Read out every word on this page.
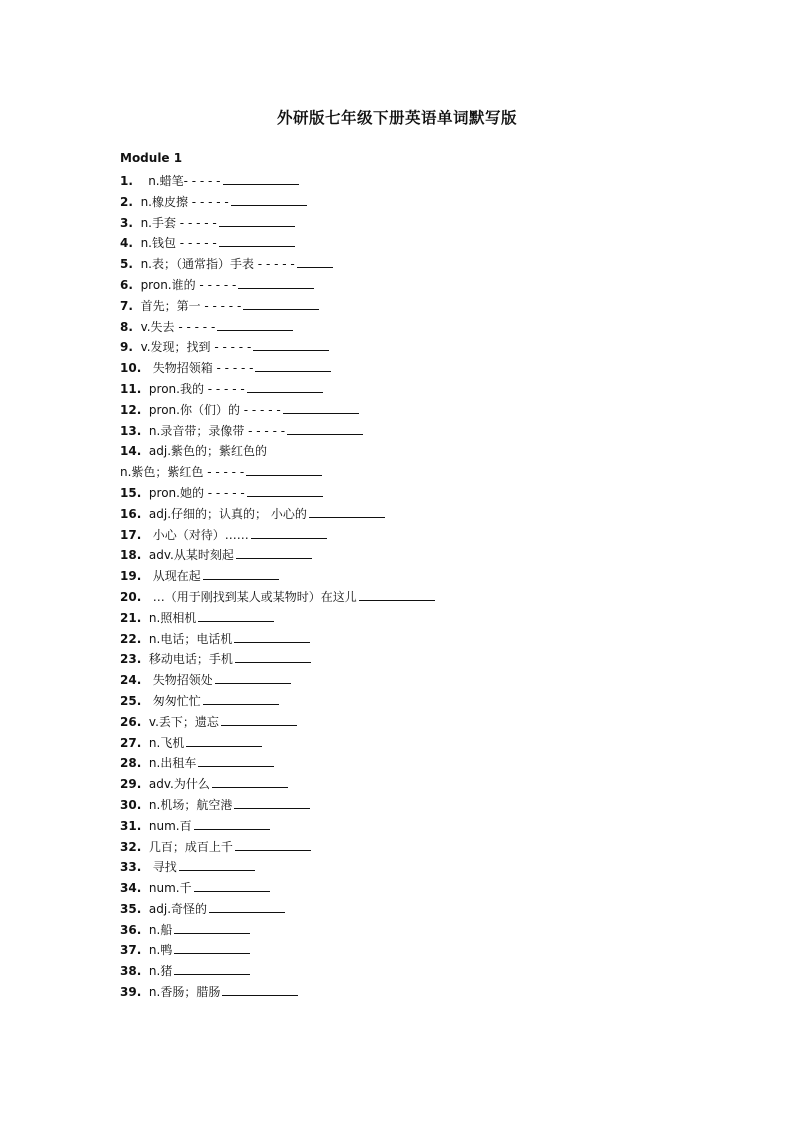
外研版七年级下册英语单词默写版
Module 1
1. n.蜡笔- - - - -
2. n.橡皮擦 - - - - -
3. n.手套 - - - - -
4. n.钱包 - - - - -
5. n.表；（通常指）手表 - - - - -
6. pron.谁的 - - - - -
7. 首先；第一 - - - - -
8. v.失去 - - - - -
9. v.发现；找到 - - - - -
10. 失物招领箱 - - - - -
11. pron.我的 - - - - -
12. pron.你（们）的 - - - - -
13. n.录音带；录像带 - - - - -
14. adj.紫色的；紫红色的
n.紫色；紫红色 - - - - -
15. pron.她的 - - - - -
16. adj.仔细的；认真的； 小心的
17. 小心（对待）……
18. adv.从某时刻起
19. 从现在起
20. …（用于刚找到某人或某物时）在这儿
21. n.照相机
22. n.电话；电话机
23. 移动电话；手机
24. 失物招领处
25. 匆匆忙忙
26. v.丢下；遗忘
27. n.飞机
28. n.出租车
29. adv.为什么
30. n.机场；航空港
31. num.百
32. 几百；成百上千
33. 寻找
34. num.千
35. adj.奇怪的
36. n.船
37. n.鸭
38. n.猪
39. n.香肠；腊肠
